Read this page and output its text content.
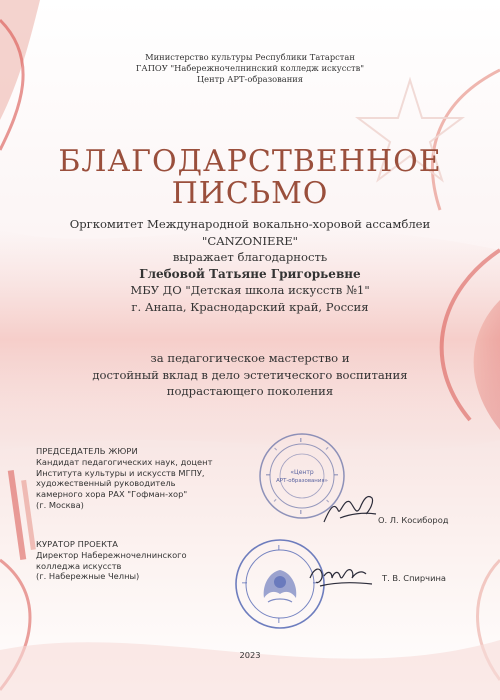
Министерство культуры Республики Татарстан
ГАПОУ "Набережночелнинский колледж искусств"
Центр АРТ-образования
БЛАГОДАРСТВЕННОЕ
ПИСЬМО
Оргкомитет Международной вокально-хоровой ассамблеи
"CANZONIERE"
выражает благодарность
Глебовой Татьяне Григорьевне
МБУ ДО "Детская школа искусств №1"
г. Анапа, Краснодарский край, Россия
за педагогическое мастерство и
достойный вклад в дело эстетического воспитания
подрастающего поколения
«Центр
АРТ-образования»
ПРЕДСЕДАТЕЛЬ ЖЮРИ
Кандидат педагогических наук, доцент
Института культуры и искусств МГПУ,
художественный руководитель
камерного хора РАХ "Гофман-хор"
(г. Москва)
О. Л. Косибород
КУРАТОР ПРОЕКТА
Директор Набережночелнинского
колледжа искусств
(г. Набережные Челны)	Т. В. Спирчина
2023
